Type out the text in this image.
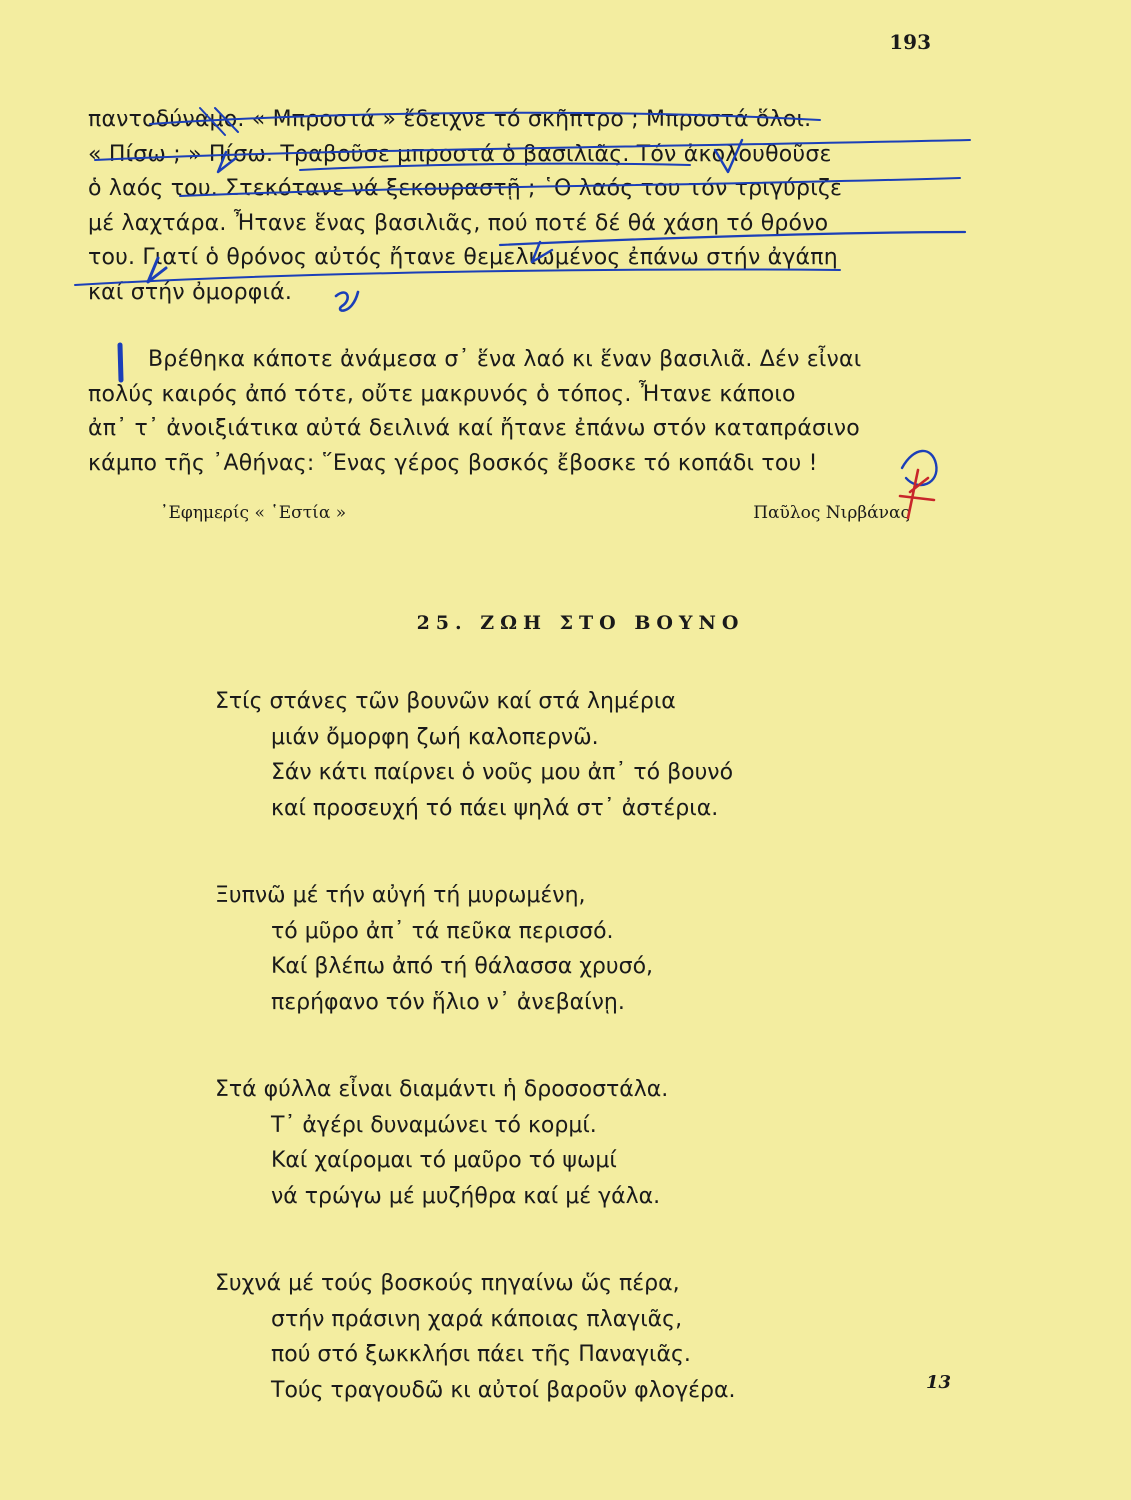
193
παντοδύναμο. « Μπροστά » ἔδειχνε τό σκῆπτρο ; Μπροστά ὅλοι.
« Πίσω ; » Πίσω. Τραβοῦσε μπροστά ὁ βασιλιᾶς. Τόν ἀκολουθοῦσε
ὁ λαός του. Στεκότανε νά ξεκουραστῇ ; ῾Ο λαός του τόν τριγύριζε
μέ λαχτάρα. Ἦτανε ἕνας βασιλιᾶς, πού ποτέ δέ θά χάση τό θρόνο
του. Γιατί ὁ θρόνος αὐτός ἤτανε θεμελιωμένος ἐπάνω στήν ἀγάπη
καί στήν ὀμορφιά.
Βρέθηκα κάποτε ἀνάμεσα σ᾽ ἕνα λαό κι ἕναν βασιλιᾶ. Δέν εἶναι
πολύς καιρός ἀπό τότε, οὔτε μακρυνός ὁ τόπος. Ἦτανε κάποιο
ἀπ᾽ τ᾽ ἀνοιξιάτικα αὐτά δειλινά καί ἤτανε ἐπάνω στόν καταπράσινο
κάμπο τῆς ᾿Αθήνας: ῞Ενας γέρος βοσκός ἔβοσκε τό κοπάδι του !
᾿Εφημερίς « ῾Εστία »	Παῦλος Νιρβάνας
25. ΖΩΗ ΣΤΟ ΒΟΥΝΟ
Στίς στάνες τῶν βουνῶν καί στά λημέρια
μιάν ὄμορφη ζωή καλοπερνῶ.
Σάν κάτι παίρνει ὁ νοῦς μου ἀπ᾽ τό βουνό
καί προσευχή τό πάει ψηλά στ᾽ ἀστέρια.
Ξυπνῶ μέ τήν αὐγή τή μυρωμένη,
τό μῦρο ἀπ᾽ τά πεῦκα περισσό.
Καί βλέπω ἀπό τή θάλασσα χρυσό,
περήφανο τόν ἥλιο ν᾽ ἀνεβαίνῃ.
Στά φύλλα εἶναι διαμάντι ἡ δροσοστάλα.
Τ᾽ ἀγέρι δυναμώνει τό κορμί.
Καί χαίρομαι τό μαῦρο τό ψωμί
νά τρώγω μέ μυζήθρα καί μέ γάλα.
Συχνά μέ τούς βοσκούς πηγαίνω ὥς πέρα,
στήν πράσινη χαρά κάποιας πλαγιᾶς,
πού στό ξωκκλήσι πάει τῆς Παναγιᾶς.
Τούς τραγουδῶ κι αὐτοί βαροῦν φλογέρα.	13
